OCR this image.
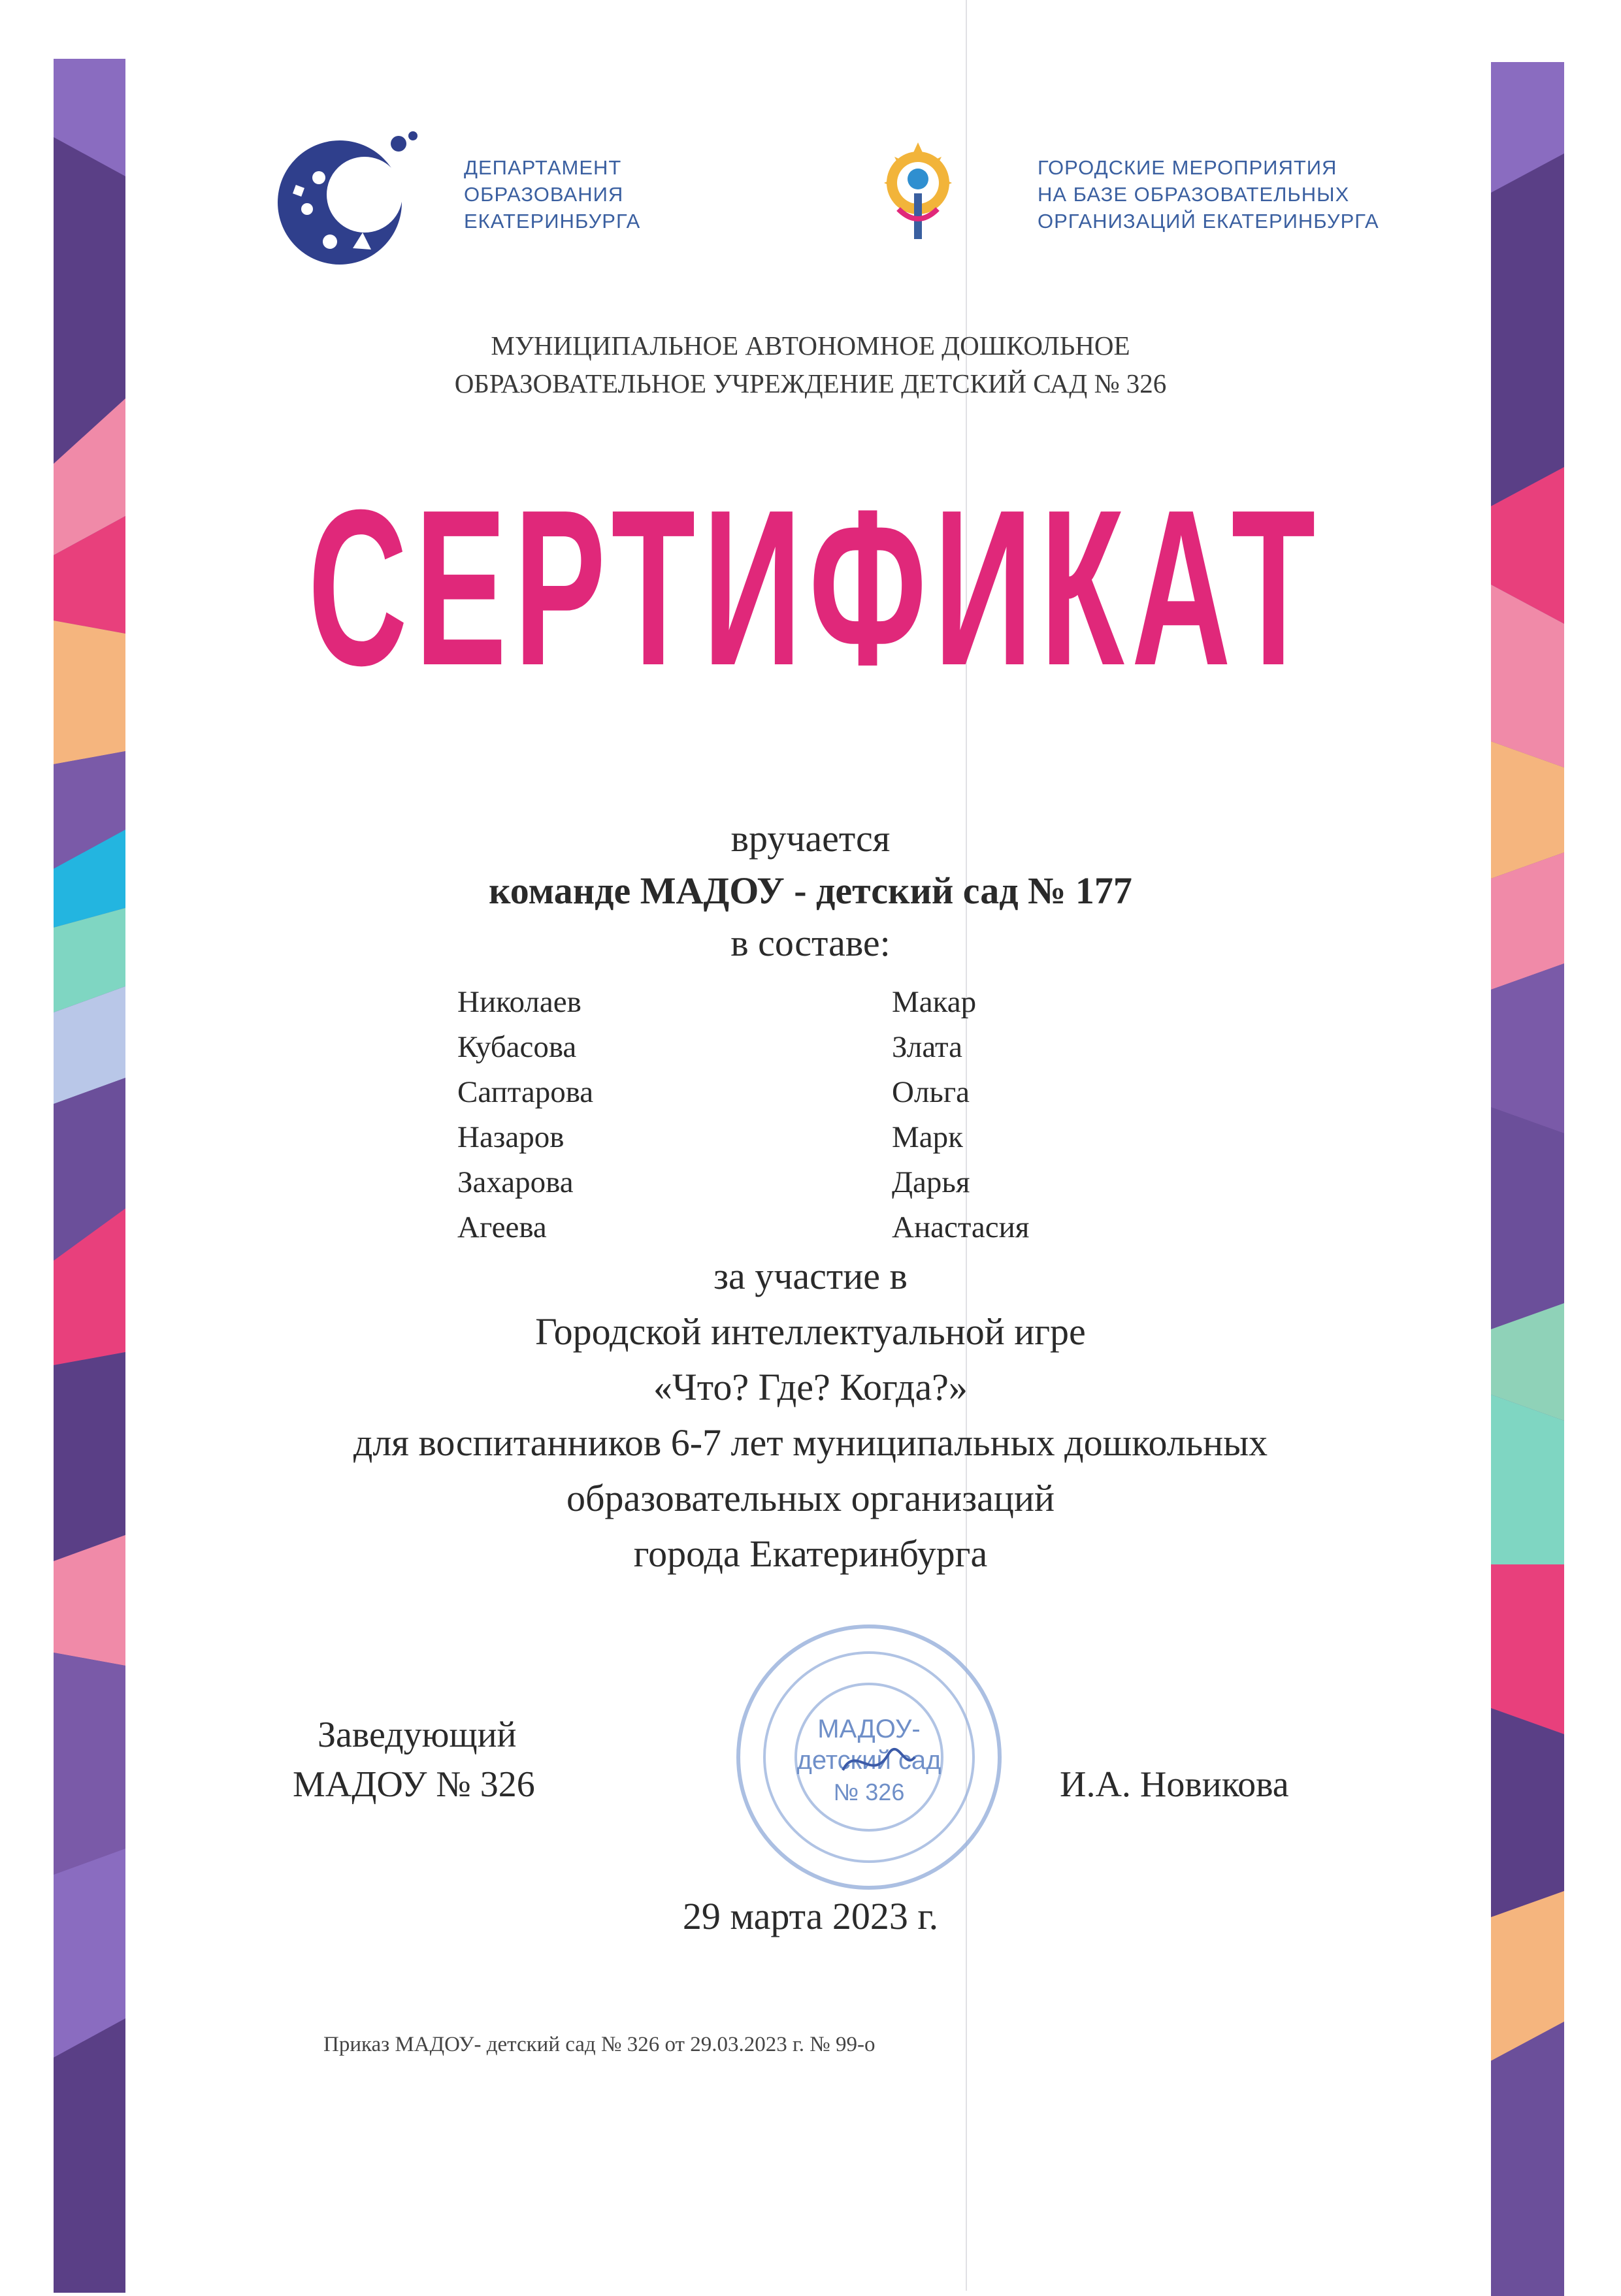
ДЕПАРТАМЕНТ
ОБРАЗОВАНИЯ
ЕКАТЕРИНБУРГА
ГОРОДСКИЕ МЕРОПРИЯТИЯ
НА БАЗЕ ОБРАЗОВАТЕЛЬНЫХ
ОРГАНИЗАЦИЙ ЕКАТЕРИНБУРГА
МУНИЦИПАЛЬНОЕ АВТОНОМНОЕ ДОШКОЛЬНОЕ
ОБРАЗОВАТЕЛЬНОЕ УЧРЕЖДЕНИЕ ДЕТСКИЙ САД № 326
СЕРТИФИКАТ
вручается
команде МАДОУ - детский сад № 177
в составе:
Николаев	Макар
Кубасова	Злата
Саптарова	Ольга
Назаров	Марк
Захарова	Дарья
Агеева	Анастасия
за участие в
Городской интеллектуальной игре
«Что? Где? Когда?»
для воспитанников 6-7 лет муниципальных дошкольных
образовательных организаций
города Екатеринбурга
МАДОУ-
детский сад
№ 326
Заведующий
МАДОУ № 326	И.А. Новикова
29 марта 2023 г.
Приказ МАДОУ- детский сад № 326 от 29.03.2023 г. № 99-о
